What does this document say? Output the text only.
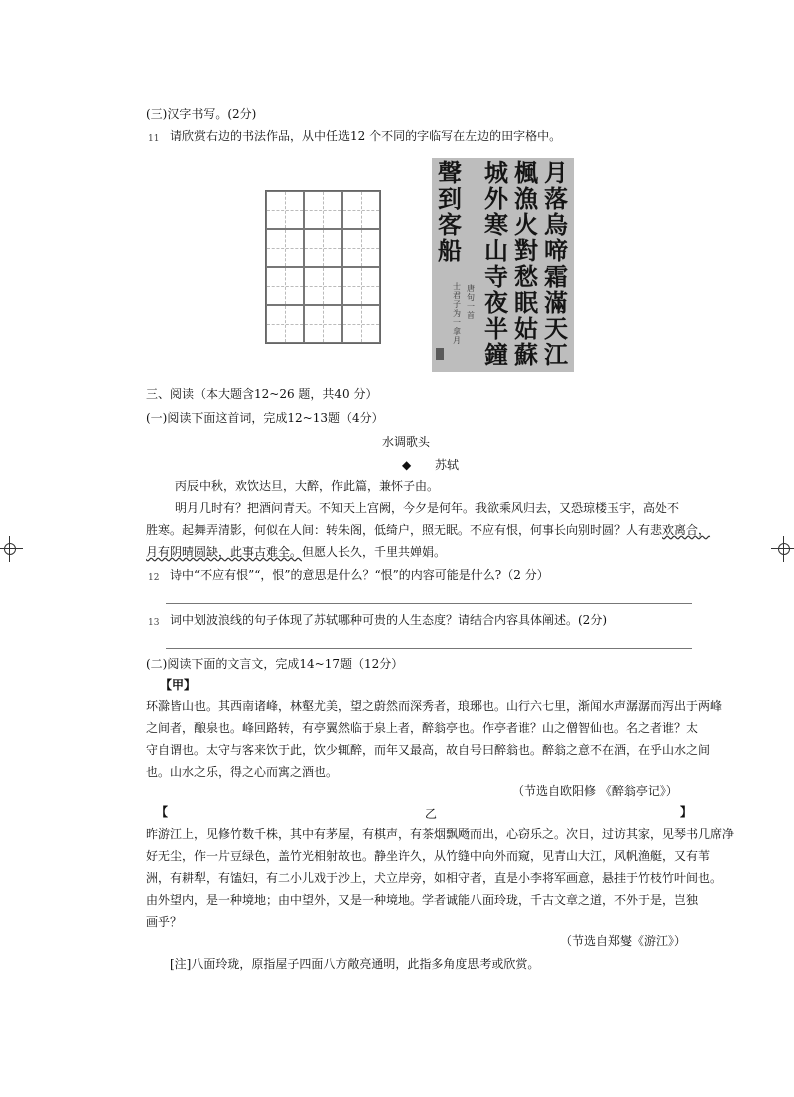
(三)汉字书写。(2分)
11 请欣赏右边的书法作品，从中任选12 个不同的字临写在左边的田字格中。
月落烏啼霜滿天江
楓漁火對愁眠姑蘇
城外寒山寺夜半鐘
聲到客船
唐句一首
士君子为一拿月
三、阅读（本大题含12~26 题，共40 分）
(一)阅读下面这首词，完成12~13题（4分）
水调歌头
◆ 苏轼
丙辰中秋，欢饮达旦，大醉，作此篇，兼怀子由。
明月几时有？把酒问青天。不知天上宫阙，今夕是何年。我欲乘风归去，又恐琼楼玉宇，高处不
胜寒。起舞弄清影，何似在人间：转朱阁，低绮户，照无眠。不应有恨，何事长向别时圆？人有悲欢离合，
月有阴晴圆缺，此事古难全。但愿人长久，千里共婵娟。
12 诗中“不应有恨”“，恨”的意思是什么？“恨”的内容可能是什么?（2 分）
13 词中划波浪线的句子体现了苏轼哪种可贵的人生态度？请结合内容具体阐述。(2分)
(二)阅读下面的文言文，完成14~17题（12分）
【甲】
环滁皆山也。其西南诸峰，林壑尤美，望之蔚然而深秀者，琅琊也。山行六七里，渐闻水声潺潺而泻出于两峰
之间者，酿泉也。峰回路转，有亭翼然临于泉上者，醉翁亭也。作亭者谁？山之僧智仙也。名之者谁？太
守自谓也。太守与客来饮于此，饮少辄醉，而年又最高，故自号曰醉翁也。醉翁之意不在酒，在乎山水之间
也。山水之乐，得之心而寓之酒也。
（节选自欧阳修 《醉翁亭记》）
【	乙	】
昨游江上，见修竹数千株，其中有茅屋，有棋声，有茶烟飘飏而出，心窃乐之。次日，过访其家，见琴书几席净
好无尘，作一片豆绿色，盖竹光相射故也。静坐许久，从竹缝中向外而窥，见青山大江，风帆渔艇，又有苇
洲，有耕犁，有馌妇，有二小儿戏于沙上，犬立岸旁，如相守者，直是小李将军画意，悬挂于竹枝竹叶间也。
由外望内，是一种境地；由中望外，又是一种境地。学者诚能八面玲珑，千古文章之道，不外于是，岂独
画乎？
（节选自郑燮《游江》）
[注]八面玲珑，原指屋子四面八方敞亮通明，此指多角度思考或欣赏。
